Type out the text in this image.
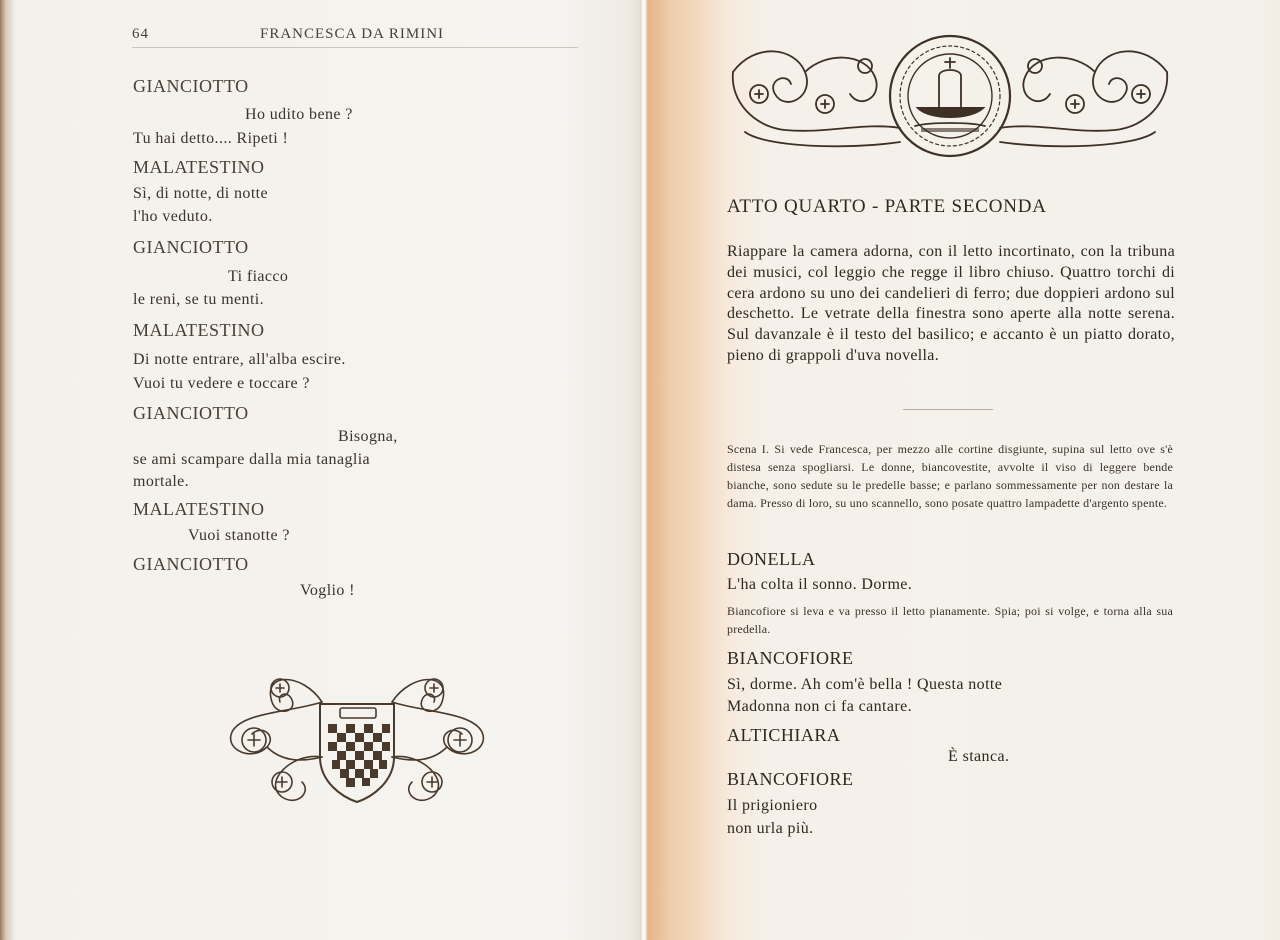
64	FRANCESCA DA RIMINI
GIANCIOTTO
Ho udito bene ?
Tu hai detto.... Ripeti !
MALATESTINO
Sì, di notte, di notte
l'ho veduto.
GIANCIOTTO
Ti fiacco
le reni, se tu menti.
MALATESTINO
Di notte entrare, all'alba escire.
Vuoi tu vedere e toccare ?
GIANCIOTTO
Bisogna,
se ami scampare dalla mia tanaglia
mortale.
MALATESTINO
Vuoi stanotte ?
GIANCIOTTO
Voglio !
ATTO QUARTO - PARTE SECONDA
Riappare la camera adorna, con il letto incortinato, con la tribuna dei musici, col leggio che regge il libro chiuso. Quattro torchi di cera ardono su uno dei candelieri di ferro; due doppieri ardono sul deschetto. Le vetrate della finestra sono aperte alla notte serena. Sul davanzale è il testo del basilico; e accanto è un piatto dorato, pieno di grappoli d'uva novella.
Scena I. Si vede Francesca, per mezzo alle cortine disgiunte, supina sul letto ove s'è distesa senza spogliarsi. Le donne, biancovestite, avvolte il viso di leggere bende bianche, sono sedute su le predelle basse; e parlano sommessamente per non destare la dama. Presso di loro, su uno scannello, sono posate quattro lampadette d'argento spente.
DONELLA
L'ha colta il sonno. Dorme.
Biancofiore si leva e va presso il letto pianamente. Spia; poi si volge, e torna alla sua predella.
BIANCOFIORE
Sì, dorme. Ah com'è bella ! Questa notte
Madonna non ci fa cantare.
ALTICHIARA
È stanca.
BIANCOFIORE
Il prigioniero
non urla più.
